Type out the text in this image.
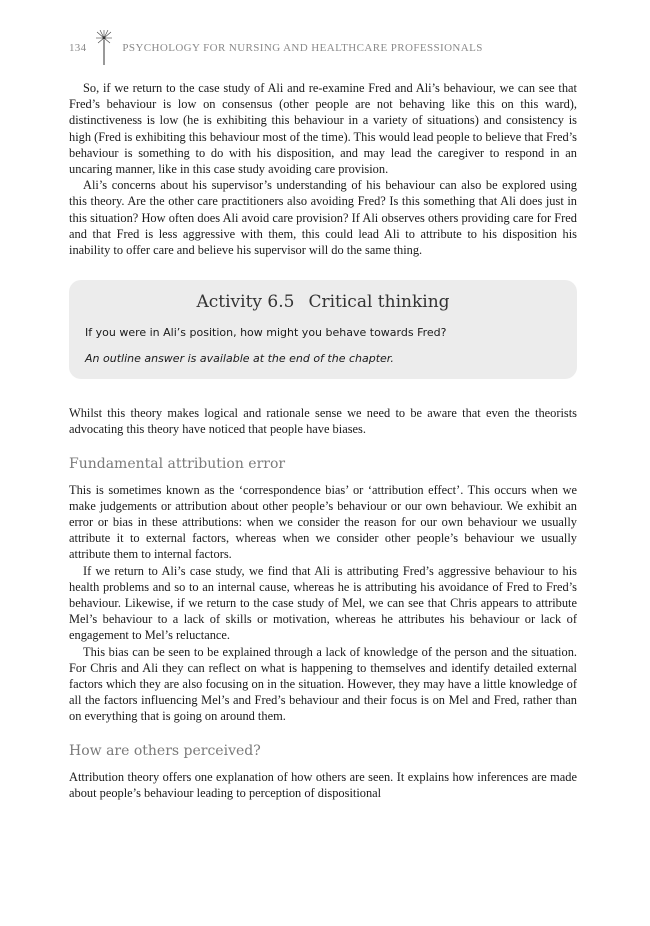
134	PSYCHOLOGY FOR NURSING AND HEALTHCARE PROFESSIONALS

So, if we return to the case study of Ali and re-examine Fred and Ali’s behaviour, we can see that Fred’s behaviour is low on consensus (other people are not behaving like this on this ward), distinctiveness is low (he is exhibiting this behaviour in a variety of situations) and consistency is high (Fred is exhibiting this behaviour most of the time). This would lead people to believe that Fred’s behaviour is something to do with his disposition, and may lead the caregiver to respond in an uncaring manner, like in this case study avoiding care provision.

Ali’s concerns about his supervisor’s understanding of his behaviour can also be explored using this theory. Are the other care practitioners also avoiding Fred? Is this something that Ali does just in this situation? How often does Ali avoid care provision? If Ali observes others providing care for Fred and that Fred is less aggressive with them, this could lead Ali to attribute to his disposition his inability to offer care and believe his supervisor will do the same thing.

Activity 6.5 Critical thinking

If you were in Ali’s position, how might you behave towards Fred?

An outline answer is available at the end of the chapter.

Whilst this theory makes logical and rationale sense we need to be aware that even the theorists advocating this theory have noticed that people have biases.

Fundamental attribution error

This is sometimes known as the ‘correspondence bias’ or ‘attribution effect’. This occurs when we make judgements or attribution about other people’s behaviour or our own behaviour. We exhibit an error or bias in these attributions: when we consider the reason for our own behaviour we usually attribute it to external factors, whereas when we consider other people’s behaviour we usually attribute them to internal factors.

If we return to Ali’s case study, we find that Ali is attributing Fred’s aggressive behaviour to his health problems and so to an internal cause, whereas he is attributing his avoidance of Fred to Fred’s behaviour. Likewise, if we return to the case study of Mel, we can see that Chris appears to attribute Mel’s behaviour to a lack of skills or motivation, whereas he attributes his behaviour or lack of engagement to Mel’s reluctance.

This bias can be seen to be explained through a lack of knowledge of the person and the situation. For Chris and Ali they can reflect on what is happening to themselves and identify detailed external factors which they are also focusing on in the situation. However, they may have a little knowledge of all the factors influencing Mel’s and Fred’s behaviour and their focus is on Mel and Fred, rather than on everything that is going on around them.

How are others perceived?

Attribution theory offers one explanation of how others are seen. It explains how inferences are made about people’s behaviour leading to perception of dispositional
